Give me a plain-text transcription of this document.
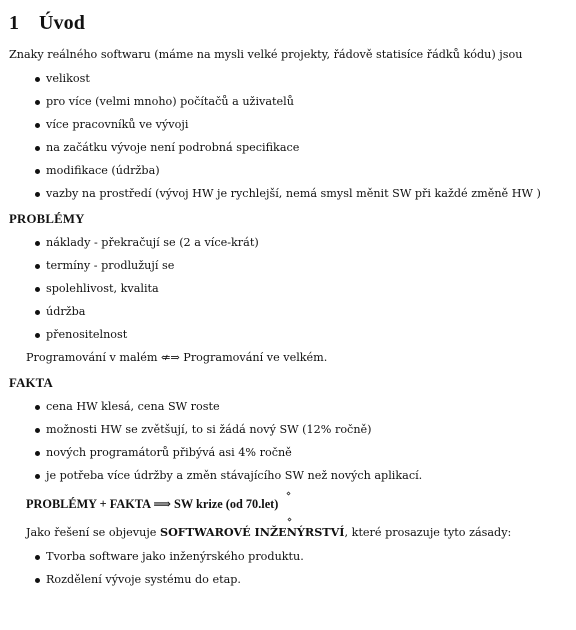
1 Úvod

Znaky reálného softwaru (máme na mysli velké projekty, řádově statisíce řádků kódu) jsou

velikost
pro více (velmi mnoho) počítačů a uživatelů
více pracovníků ve vývoji
na začátku vývoje není podrobná specifikace
modifikace (údržba)
vazby na prostředí (vývoj HW je rychlejší, nemá smysl měnit SW při každé změně HW )
PROBLÉMY
náklady - překračují se (2 a více-krát)
termíny - prodlužují se
spolehlivost, kvalita
údržba
přenositelnost

Programování v malém ⇍⇒ Programování ve velkém.

FAKTA
cena HW klesá, cena SW roste
možnosti HW se zvětšují, to si žádá nový SW (12% ročně)
nových programátorů přibývá asi 4% ročně
je potřeba více údržby a změn stávajícího SW než nových aplikací.
⋄
PROBLÉMY + FAKTA ⟹ SW krize (od 70.let)
⋄

Jako řešení se objevuje SOFTWAROVÉ INŽENÝRSTVÍ, které prosazuje tyto zásady:

Tvorba software jako inženýrského produktu.
Rozdělení vývoje systému do etap.
